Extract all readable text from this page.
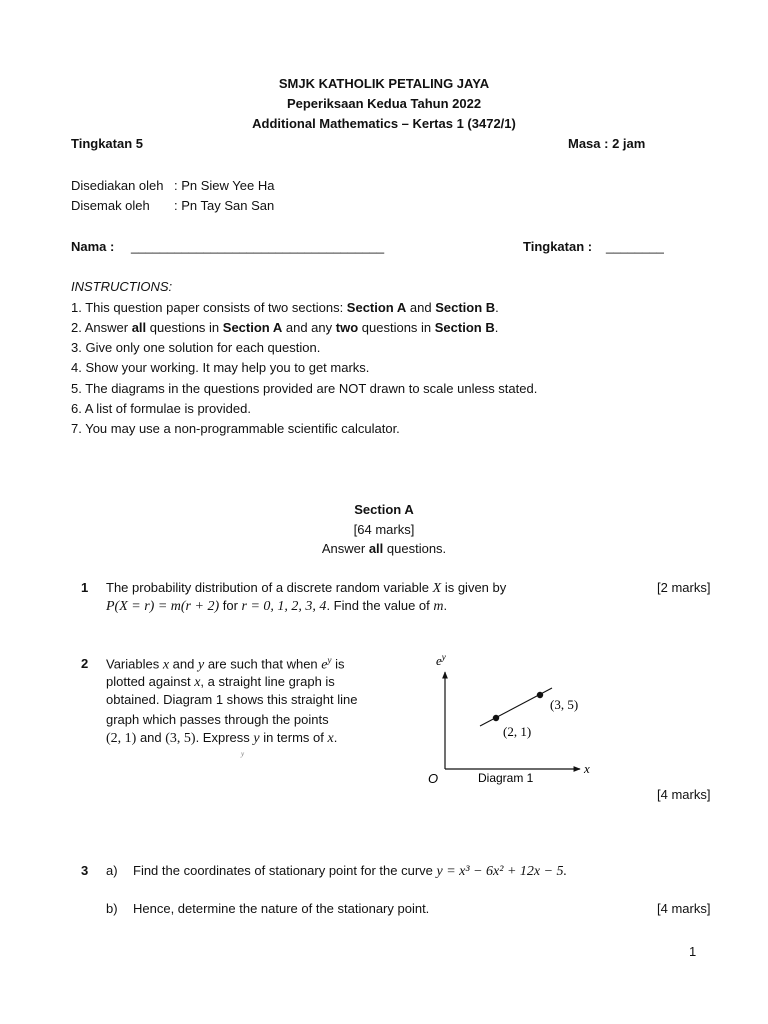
SMJK KATHOLIK PETALING JAYA
Peperiksaan Kedua Tahun 2022
Additional Mathematics – Kertas 1 (3472/1)
Tingkatan 5	Masa : 2 jam
Disediakan oleh : Pn Siew Yee Ha
Disemak oleh : Pn Tay San San
Nama : ___________________________________	Tingkatan : ________
INSTRUCTIONS:
1. This question paper consists of two sections: Section A and Section B.
2. Answer all questions in Section A and any two questions in Section B.
3. Give only one solution for each question.
4. Show your working. It may help you to get marks.
5. The diagrams in the questions provided are NOT drawn to scale unless stated.
6. A list of formulae is provided.
7. You may use a non-programmable scientific calculator.
Section A
[64 marks]
Answer all questions.
1 The probability distribution of a discrete random variable X is given by
P(X = r) = m(r + 2) for r = 0, 1, 2, 3, 4. Find the value of m.
[2 marks]
2 Variables x and y are such that when $e^y$ is
plotted against x, a straight line graph is
obtained. Diagram 1 shows this straight line
graph which passes through the points
(2, 1) and (3, 5). Express y in terms of x.
y
$e^y$
x
O	Diagram 1
(2, 1)
(3, 5)
[4 marks]
3 a) Find the coordinates of stationary point for the curve y = x³ − 6x² + 12x − 5.
b) Hence, determine the nature of the stationary point.	[4 marks]
1
